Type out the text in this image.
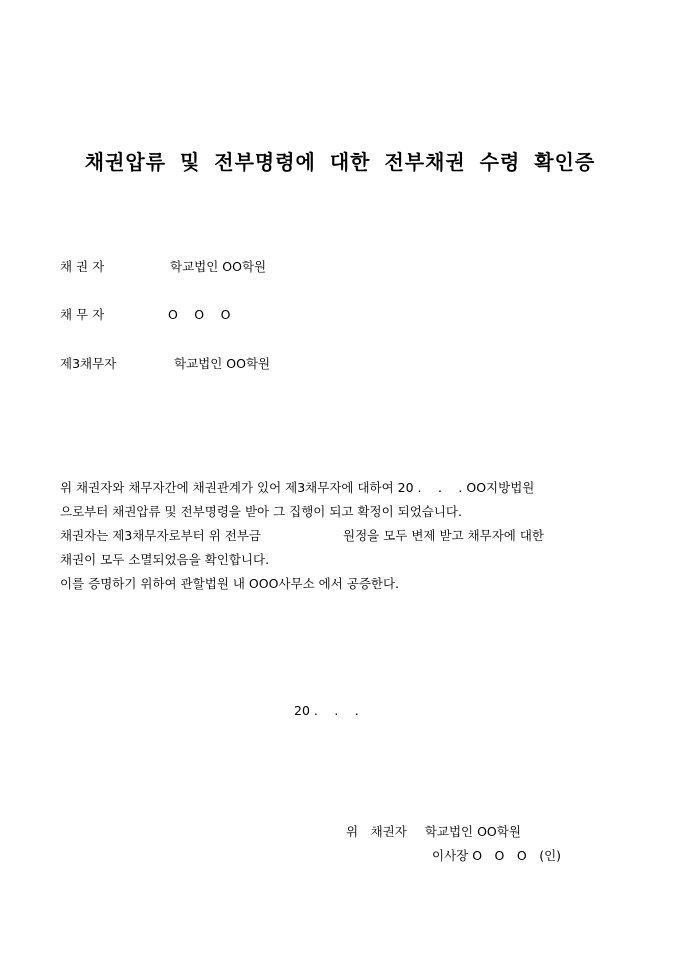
채권압류 및 전부명령에 대한 전부채권 수령 확인증
채 권 자	학교법인 OO학원
채 무 자	O　 O　 O
제3채무자	학교법인 OO학원
위 채권자와 채무자간에 채권관계가 있어 제3채무자에 대하여 20 .　 .　 . OO지방법원
으로부터 채권압류 및 전부명령을 받아 그 집행이 되고 확정이 되었습니다.
채권자는 제3채무자로부터 위 전부금	원정을 모두 변제 받고 채무자에 대한
채권이 모두 소멸되었음을 확인합니다.
이를 증명하기 위하여 관할법원 내 OOO사무소 에서 공증한다.
20 .　 .　 .
위　채권자 학교법인 OO학원
이사장 O　O　O　(인)
